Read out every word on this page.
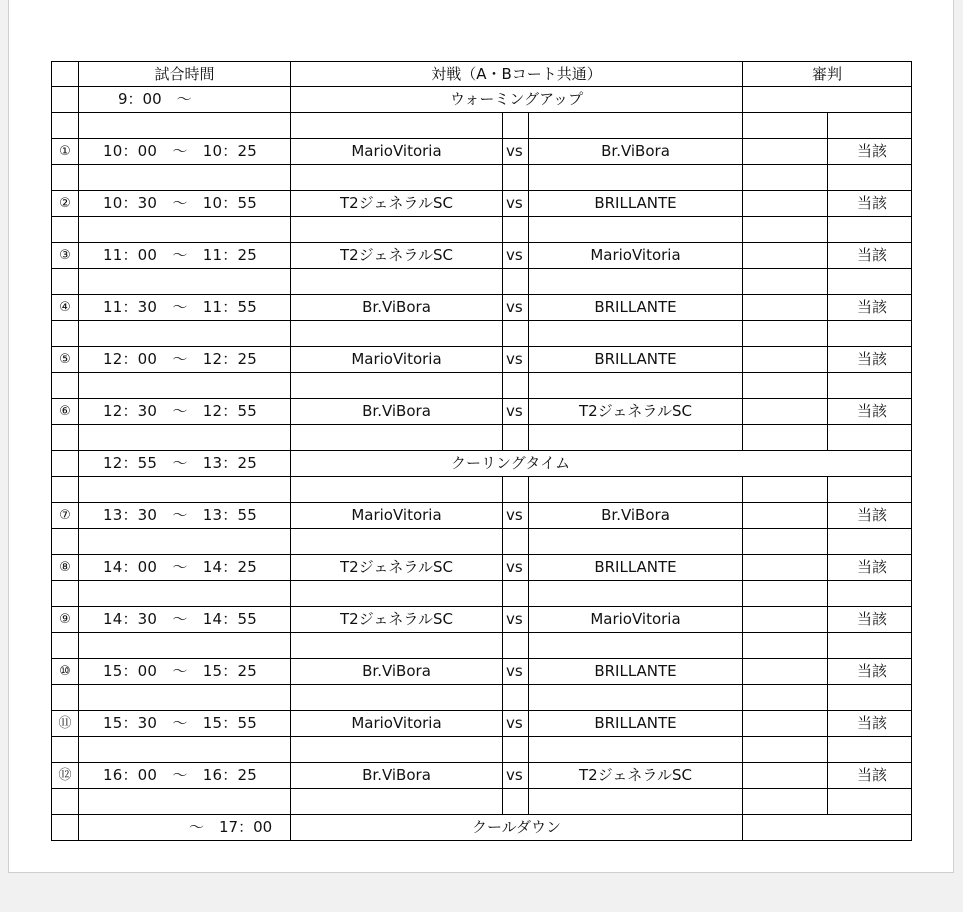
	試合時間	対戦（A・Bコート共通）			審判	
	9：00　～	ウォーミングアップ				

①	10：00　～　10：25	MarioVitoria	vs	Br.ViBora		当該

②	10：30　～　10：55	T2ジェネラルSC	vs	BRILLANTE		当該

③	11：00　～　11：25	T2ジェネラルSC	vs	MarioVitoria		当該

④	11：30　～　11：55	Br.ViBora	vs	BRILLANTE		当該

⑤	12：00　～　12：25	MarioVitoria	vs	BRILLANTE		当該

⑥	12：30　～　12：55	Br.ViBora	vs	T2ジェネラルSC		当該

	12：55　～　13：25	クーリングタイム				

⑦	13：30　～　13：55	MarioVitoria	vs	Br.ViBora		当該

⑧	14：00　～　14：25	T2ジェネラルSC	vs	BRILLANTE		当該

⑨	14：30　～　14：55	T2ジェネラルSC	vs	MarioVitoria		当該

⑩	15：00　～　15：25	Br.ViBora	vs	BRILLANTE		当該

⑪	15：30　～　15：55	MarioVitoria	vs	BRILLANTE		当該

⑫	16：00　～　16：25	Br.ViBora	vs	T2ジェネラルSC		当該

	～　17：00	クールダウン				
